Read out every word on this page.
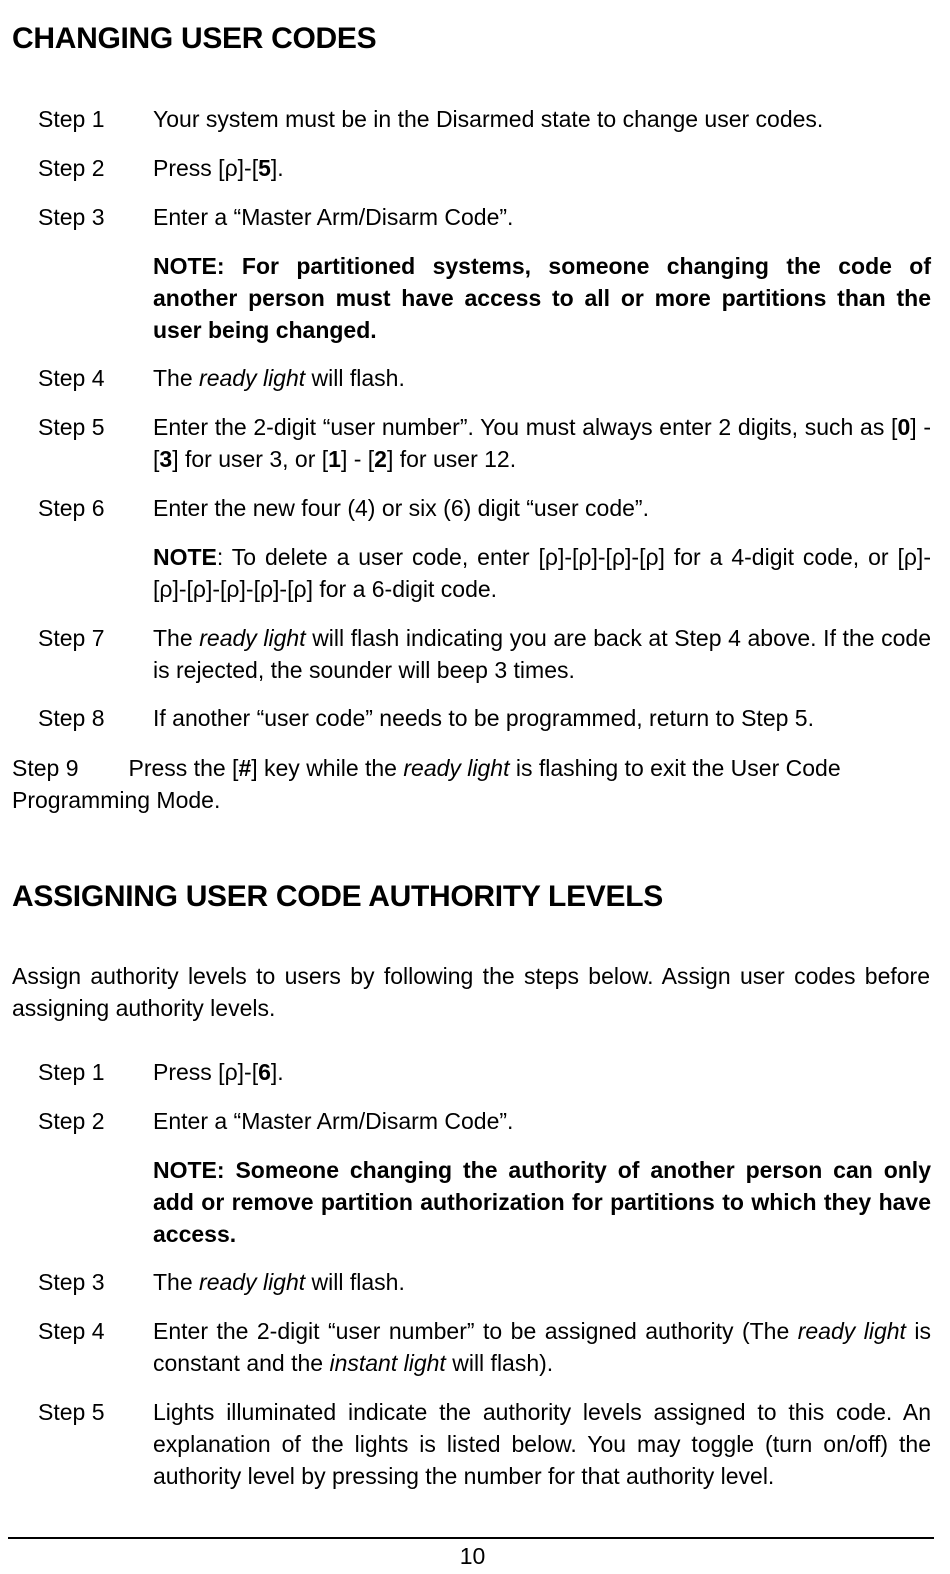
CHANGING USER CODES
Step 1 Your system must be in the Disarmed state to change user codes.
Step 2 Press [ρ]-[5].
Step 3 Enter a “Master Arm/Disarm Code”.
NOTE: For partitioned systems, someone changing the code of another person must have access to all or more partitions than the user being changed.
Step 4 The ready light will flash.
Step 5 Enter the 2-digit “user number”. You must always enter 2 digits, such as [0] - [3] for user 3, or [1] - [2] for user 12.
Step 6 Enter the new four (4) or six (6) digit “user code”.
NOTE: To delete a user code, enter [ρ]-[ρ]-[ρ]-[ρ] for a 4-digit code, or [ρ]-[ρ]-[ρ]-[ρ]-[ρ]-[ρ] for a 6-digit code.
Step 7 The ready light will flash indicating you are back at Step 4 above. If the code is rejected, the sounder will beep 3 times.
Step 8 If another “user code” needs to be programmed, return to Step 5.
Step 9 Press the [#] key while the ready light is flashing to exit the User Code Programming Mode.
ASSIGNING USER CODE AUTHORITY LEVELS
Assign authority levels to users by following the steps below. Assign user codes before assigning authority levels.
Step 1 Press [ρ]-[6].
Step 2 Enter a “Master Arm/Disarm Code”.
NOTE: Someone changing the authority of another person can only add or remove partition authorization for partitions to which they have access.
Step 3 The ready light will flash.
Step 4 Enter the 2-digit “user number” to be assigned authority (The ready light is constant and the instant light will flash).
Step 5 Lights illuminated indicate the authority levels assigned to this code. An explanation of the lights is listed below. You may toggle (turn on/off) the authority level by pressing the number for that authority level.
10
